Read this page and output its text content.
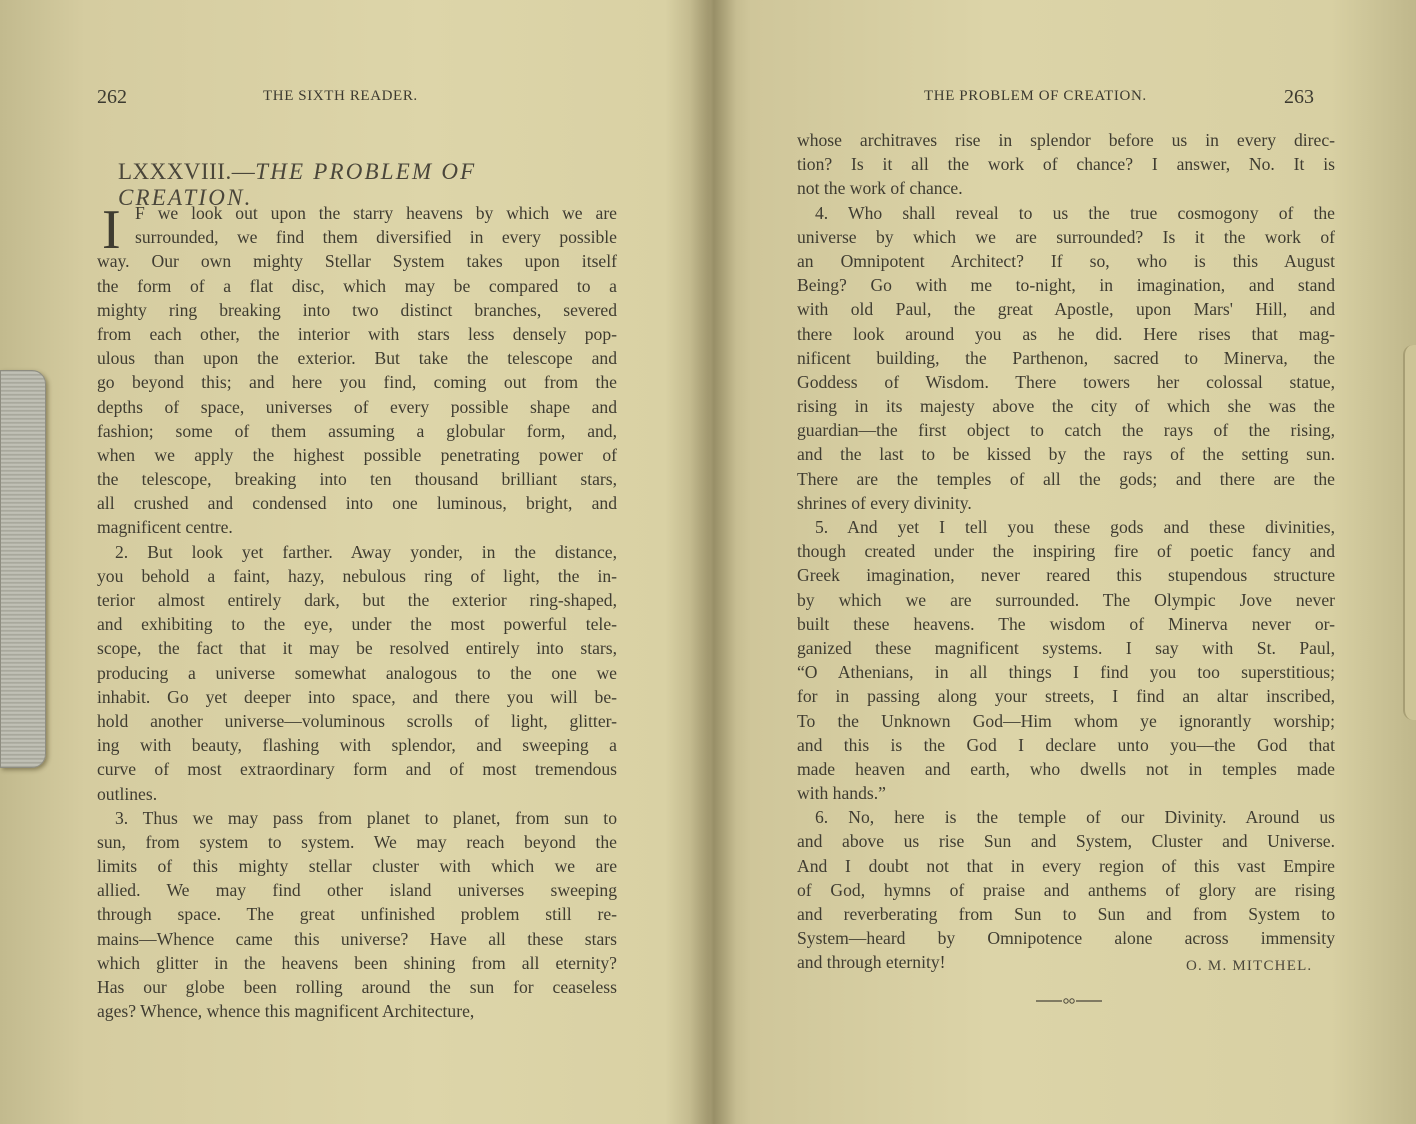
262	THE SIXTH READER.
LXXXVIII.—THE PROBLEM OF CREATION.
I F we look out upon the starry heavens by which we are
surrounded, we find them diversified in every possible
way. Our own mighty Stellar System takes upon itself
the form of a flat disc, which may be compared to a
mighty ring breaking into two distinct branches, severed
from each other, the interior with stars less densely pop-
ulous than upon the exterior. But take the telescope and
go beyond this; and here you find, coming out from the
depths of space, universes of every possible shape and
fashion; some of them assuming a globular form, and,
when we apply the highest possible penetrating power of
the telescope, breaking into ten thousand brilliant stars,
all crushed and condensed into one luminous, bright, and
magnificent centre.
2. But look yet farther. Away yonder, in the distance,
you behold a faint, hazy, nebulous ring of light, the in-
terior almost entirely dark, but the exterior ring-shaped,
and exhibiting to the eye, under the most powerful tele-
scope, the fact that it may be resolved entirely into stars,
producing a universe somewhat analogous to the one we
inhabit. Go yet deeper into space, and there you will be-
hold another universe—voluminous scrolls of light, glitter-
ing with beauty, flashing with splendor, and sweeping a
curve of most extraordinary form and of most tremendous
outlines.
3. Thus we may pass from planet to planet, from sun to
sun, from system to system. We may reach beyond the
limits of this mighty stellar cluster with which we are
allied. We may find other island universes sweeping
through space. The great unfinished problem still re-
mains—Whence came this universe? Have all these stars
which glitter in the heavens been shining from all eternity?
Has our globe been rolling around the sun for ceaseless
ages? Whence, whence this magnificent Architecture,
THE PROBLEM OF CREATION.	263
whose architraves rise in splendor before us in every direc-
tion? Is it all the work of chance? I answer, No. It is
not the work of chance.
4. Who shall reveal to us the true cosmogony of the
universe by which we are surrounded? Is it the work of
an Omnipotent Architect? If so, who is this August
Being? Go with me to-night, in imagination, and stand
with old Paul, the great Apostle, upon Mars' Hill, and
there look around you as he did. Here rises that mag-
nificent building, the Parthenon, sacred to Minerva, the
Goddess of Wisdom. There towers her colossal statue,
rising in its majesty above the city of which she was the
guardian—the first object to catch the rays of the rising,
and the last to be kissed by the rays of the setting sun.
There are the temples of all the gods; and there are the
shrines of every divinity.
5. And yet I tell you these gods and these divinities,
though created under the inspiring fire of poetic fancy and
Greek imagination, never reared this stupendous structure
by which we are surrounded. The Olympic Jove never
built these heavens. The wisdom of Minerva never or-
ganized these magnificent systems. I say with St. Paul,
“O Athenians, in all things I find you too superstitious;
for in passing along your streets, I find an altar inscribed,
To the Unknown God—Him whom ye ignorantly worship;
and this is the God I declare unto you—the God that
made heaven and earth, who dwells not in temples made
with hands.”
6. No, here is the temple of our Divinity. Around us
and above us rise Sun and System, Cluster and Universe.
And I doubt not that in every region of this vast Empire
of God, hymns of praise and anthems of glory are rising
and reverberating from Sun to Sun and from System to
System—heard by Omnipotence alone across immensity
and through eternity!	O. M. MITCHEL.
